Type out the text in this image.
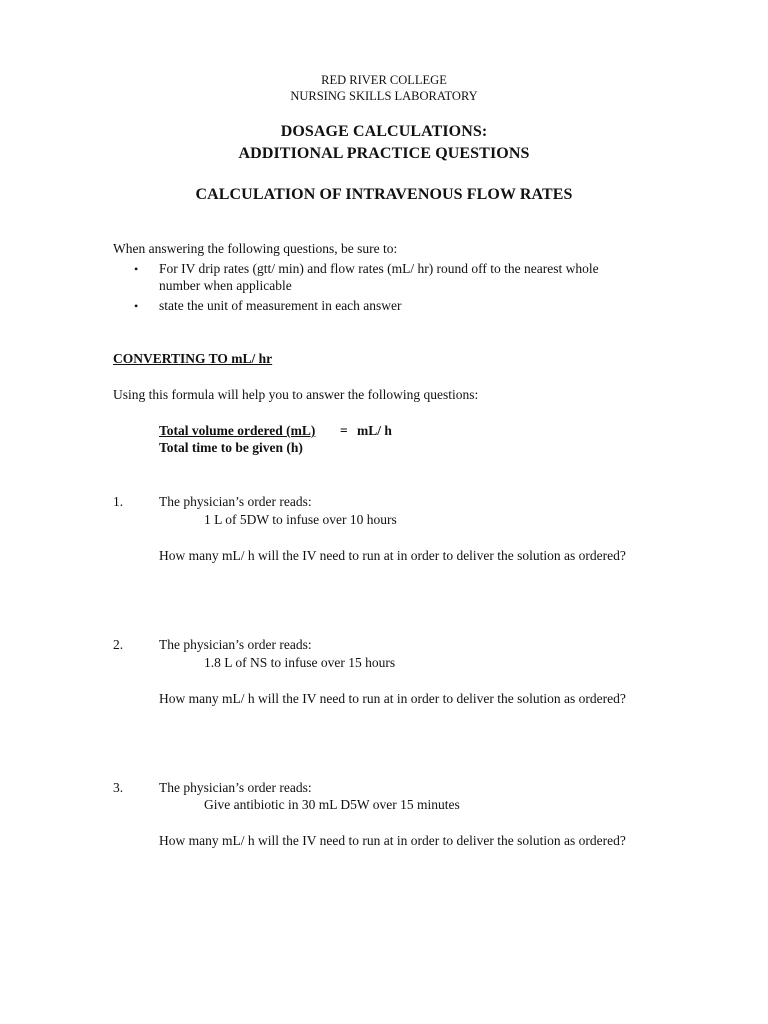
RED RIVER COLLEGE
NURSING SKILLS LABORATORY
DOSAGE CALCULATIONS:
ADDITIONAL PRACTICE QUESTIONS
CALCULATION OF INTRAVENOUS FLOW RATES
When answering the following questions, be sure to:
• For IV drip rates (gtt/ min) and flow rates (mL/ hr) round off to the nearest whole
number when applicable
• state the unit of measurement in each answer
CONVERTING TO mL/ hr
Using this formula will help you to answer the following questions:
Total volume ordered (mL) = mL/ h
Total time to be given (h)
1.	The physician’s order reads:
1 L of 5DW to infuse over 10 hours
How many mL/ h will the IV need to run at in order to deliver the solution as ordered?
2.	The physician’s order reads:
1.8 L of NS to infuse over 15 hours
How many mL/ h will the IV need to run at in order to deliver the solution as ordered?
3.	The physician’s order reads:
Give antibiotic in 30 mL D5W over 15 minutes
How many mL/ h will the IV need to run at in order to deliver the solution as ordered?
